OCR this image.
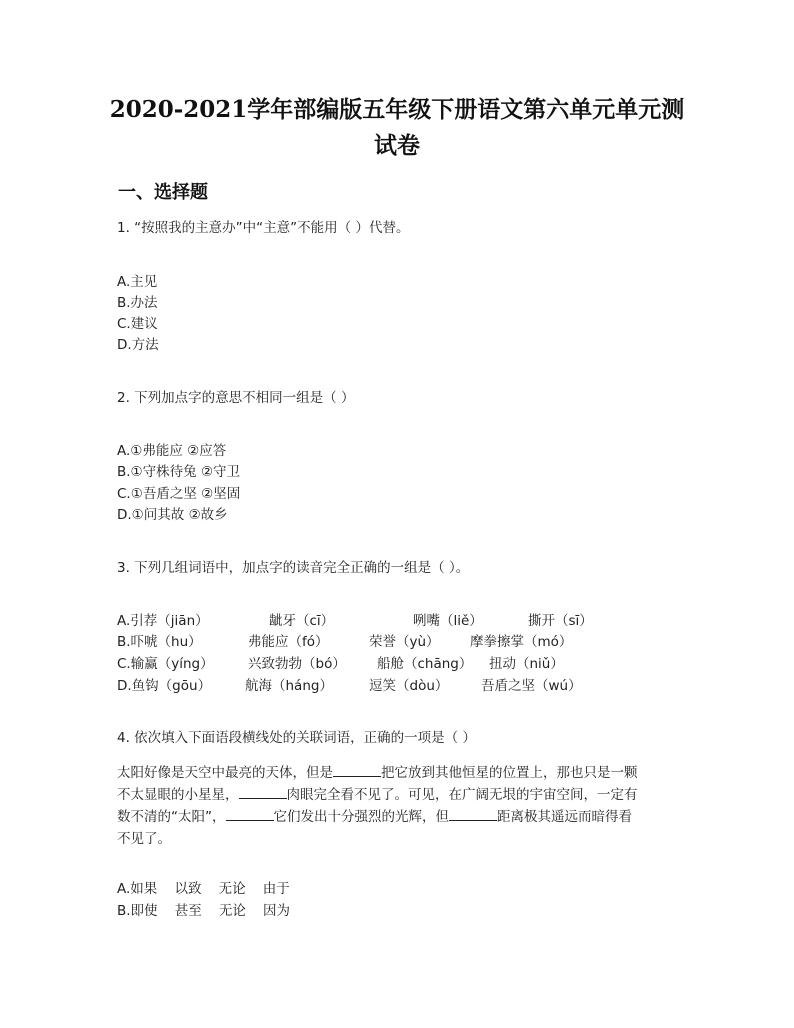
2020-2021学年部编版五年级下册语文第六单元单元测
试卷
一、选择题
1. “按照我的主意办”中“主意”不能用（ ）代替。
A.主见
B.办法
C.建议
D.方法
2. 下列加点字的意思不相同一组是（ ）
A.①弗能应 ②应答
B.①守株待兔 ②守卫
C.①吾盾之坚 ②坚固
D.①问其故 ②故乡
3. 下列几组词语中，加点字的读音完全正确的一组是（ ）。
A.引荐（jiān）	龇牙（cī）	咧嘴（liě）	撕开（sī）
B.吓唬（hu）	弗能应（fó）	荣誉（yù） 摩拳擦掌（mó）
C.输赢（yíng）	兴致勃勃（bó） 船舱（chāng） 扭动（niǔ）
D.鱼钩（gōu）	航海（háng）	逗笑（dòu） 吾盾之坚（wú）
4. 依次填入下面语段横线处的关联词语，正确的一项是（ ）
太阳好像是天空中最亮的天体，但是	把它放到其他恒星的位置上，那也只是一颗
不太显眼的小星星，	肉眼完全看不见了。可见，在广阔无垠的宇宙空间，一定有
数不清的“太阳”，	它们发出十分强烈的光辉，但	距离极其遥远而暗得看
不见了。
A.如果    以致    无论    由于
B.即使    甚至    无论    因为
